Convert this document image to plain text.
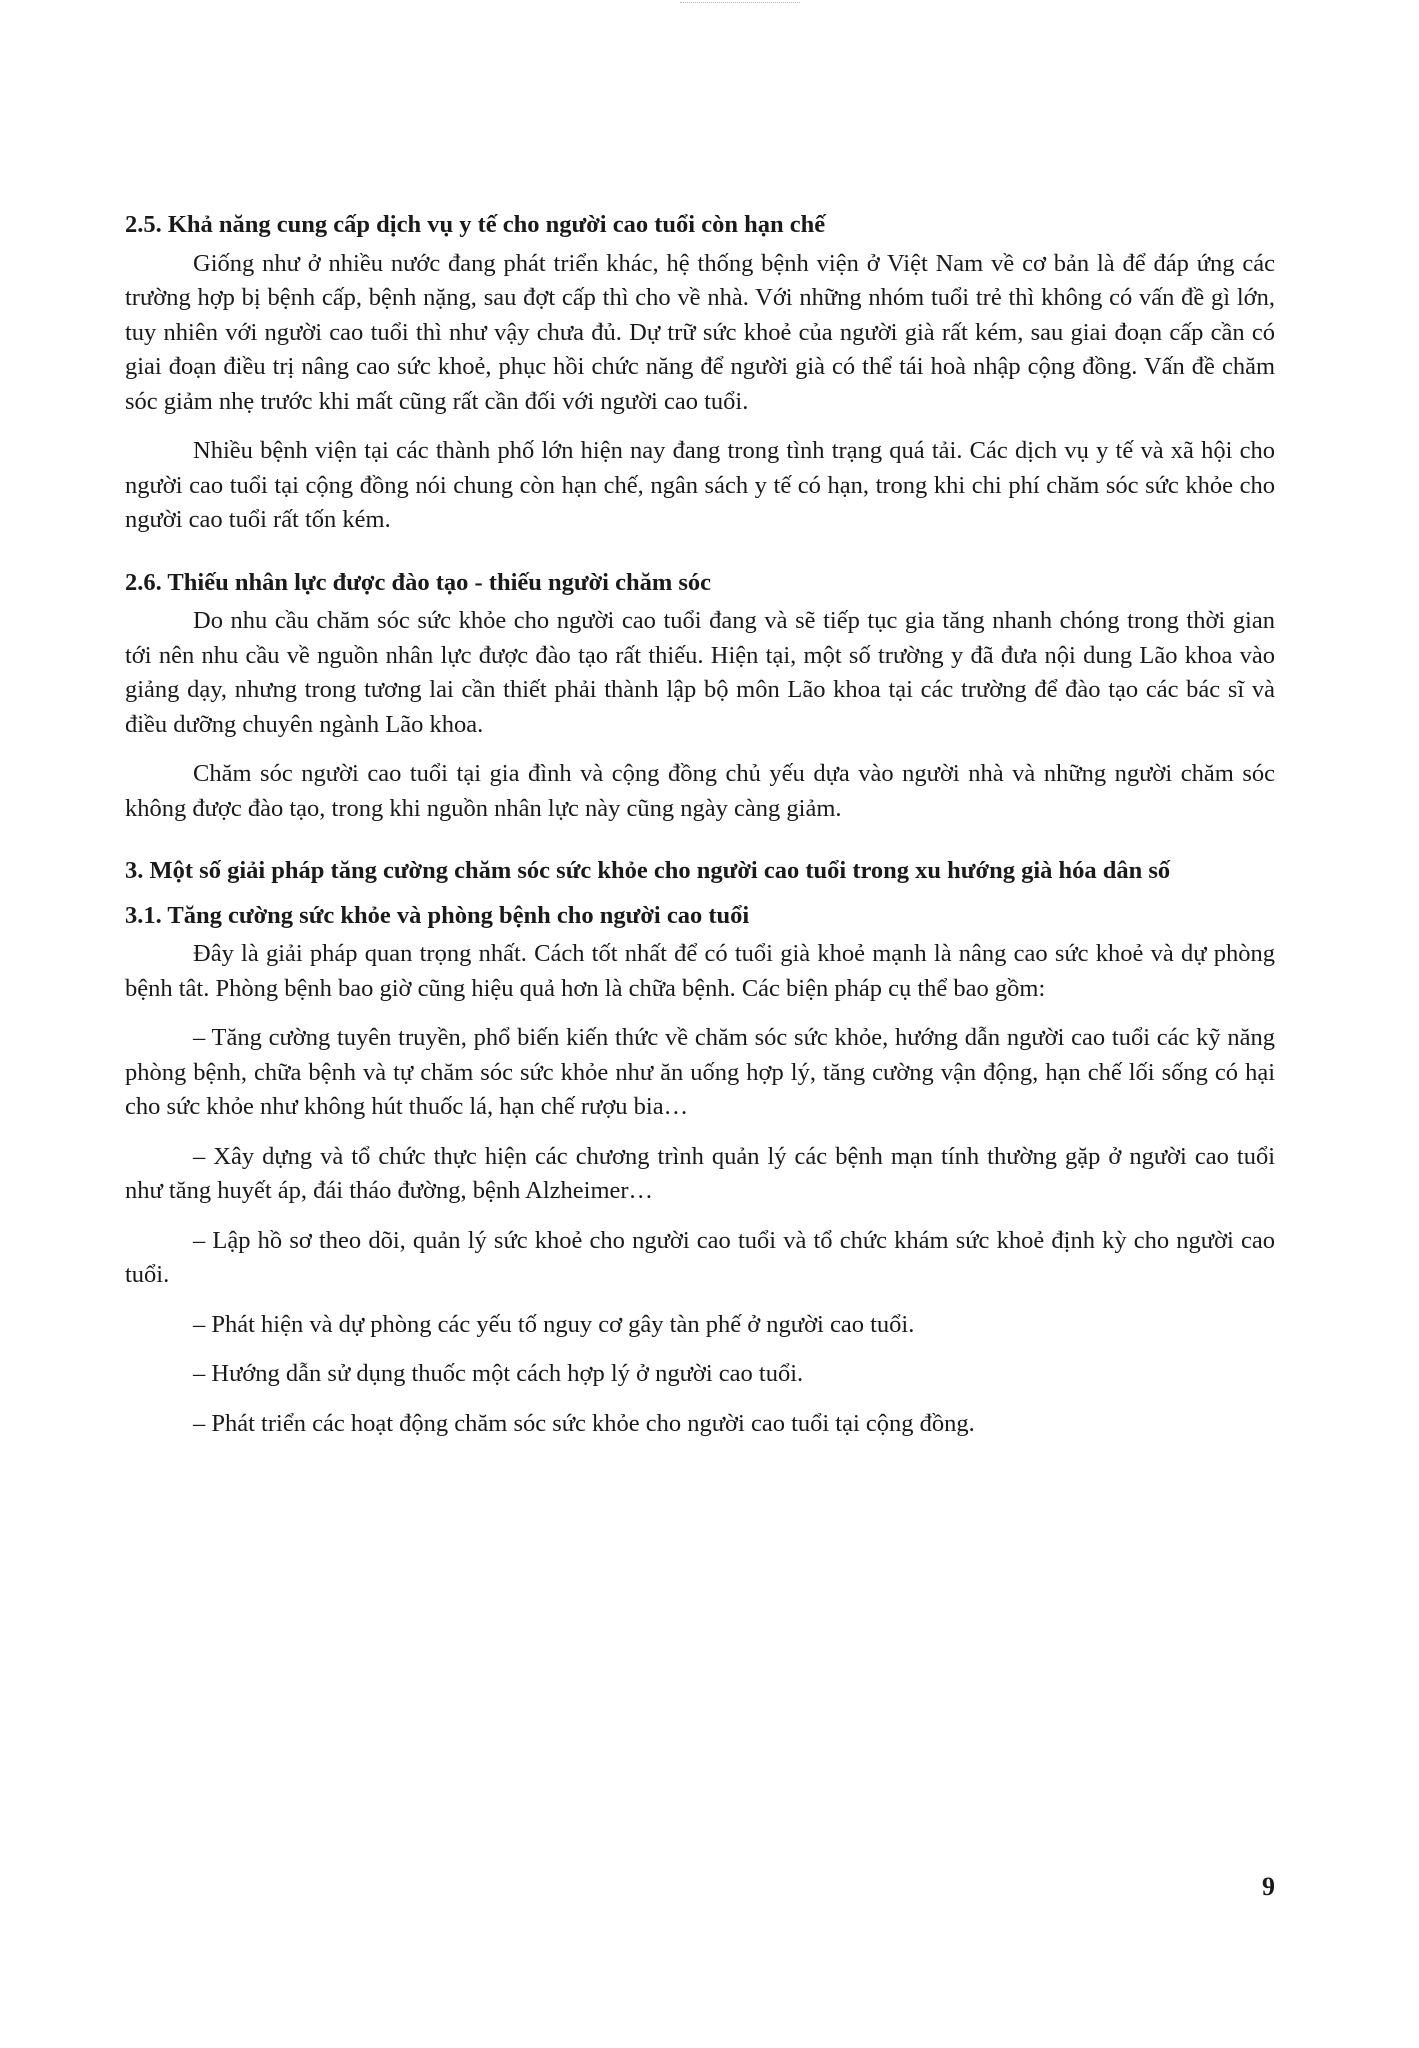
2.5. Khả năng cung cấp dịch vụ y tế cho người cao tuổi còn hạn chế

Giống như ở nhiều nước đang phát triển khác, hệ thống bệnh viện ở Việt Nam về cơ bản là để đáp ứng các trường hợp bị bệnh cấp, bệnh nặng, sau đợt cấp thì cho về nhà. Với những nhóm tuổi trẻ thì không có vấn đề gì lớn, tuy nhiên với người cao tuổi thì như vậy chưa đủ. Dự trữ sức khoẻ của người già rất kém, sau giai đoạn cấp cần có giai đoạn điều trị nâng cao sức khoẻ, phục hồi chức năng để người già có thể tái hoà nhập cộng đồng. Vấn đề chăm sóc giảm nhẹ trước khi mất cũng rất cần đối với người cao tuổi.

Nhiều bệnh viện tại các thành phố lớn hiện nay đang trong tình trạng quá tải. Các dịch vụ y tế và xã hội cho người cao tuổi tại cộng đồng nói chung còn hạn chế, ngân sách y tế có hạn, trong khi chi phí chăm sóc sức khỏe cho người cao tuổi rất tốn kém.

2.6. Thiếu nhân lực được đào tạo - thiếu người chăm sóc

Do nhu cầu chăm sóc sức khỏe cho người cao tuổi đang và sẽ tiếp tục gia tăng nhanh chóng trong thời gian tới nên nhu cầu về nguồn nhân lực được đào tạo rất thiếu. Hiện tại, một số trường y đã đưa nội dung Lão khoa vào giảng dạy, nhưng trong tương lai cần thiết phải thành lập bộ môn Lão khoa tại các trường để đào tạo các bác sĩ và điều dưỡng chuyên ngành Lão khoa.

Chăm sóc người cao tuổi tại gia đình và cộng đồng chủ yếu dựa vào người nhà và những người chăm sóc không được đào tạo, trong khi nguồn nhân lực này cũng ngày càng giảm.

3. Một số giải pháp tăng cường chăm sóc sức khỏe cho người cao tuổi trong xu hướng già hóa dân số
3.1. Tăng cường sức khỏe và phòng bệnh cho người cao tuổi

Đây là giải pháp quan trọng nhất. Cách tốt nhất để có tuổi già khoẻ mạnh là nâng cao sức khoẻ và dự phòng bệnh tât. Phòng bệnh bao giờ cũng hiệu quả hơn là chữa bệnh. Các biện pháp cụ thể bao gồm:

– Tăng cường tuyên truyền, phổ biến kiến thức về chăm sóc sức khỏe, hướng dẫn người cao tuổi các kỹ năng phòng bệnh, chữa bệnh và tự chăm sóc sức khỏe như ăn uống hợp lý, tăng cường vận động, hạn chế lối sống có hại cho sức khỏe như không hút thuốc lá, hạn chế rượu bia…

– Xây dựng và tổ chức thực hiện các chương trình quản lý các bệnh mạn tính thường gặp ở người cao tuổi như tăng huyết áp, đái tháo đường, bệnh Alzheimer…

– Lập hồ sơ theo dõi, quản lý sức khoẻ cho người cao tuổi và tổ chức khám sức khoẻ định kỳ cho người cao tuổi.

– Phát hiện và dự phòng các yếu tố nguy cơ gây tàn phế ở người cao tuổi.

– Hướng dẫn sử dụng thuốc một cách hợp lý ở người cao tuổi.

– Phát triển các hoạt động chăm sóc sức khỏe cho người cao tuổi tại cộng đồng.

9
